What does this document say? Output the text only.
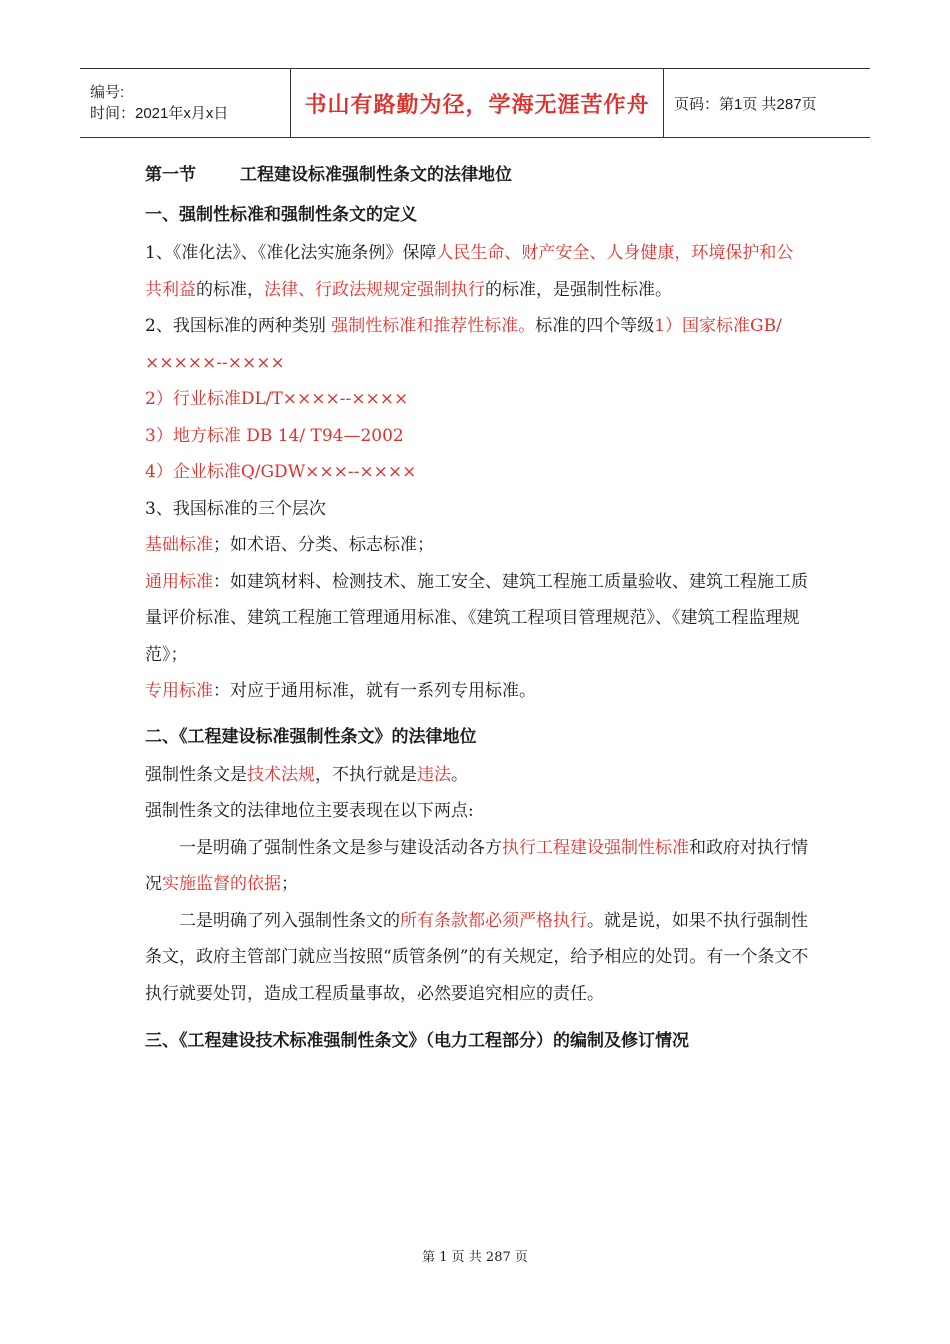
编号:
时间：2021年x月x日	书山有路勤为径，学海无涯苦作舟 页码：第1页 共287页
第一节	工程建设标准强制性条文的法律地位

一、强制性标准和强制性条文的定义

1、《准化法》、《准化法实施条例》保障人民生命、财产安全、人身健康，环境保护和公共利益的标准，法律、行政法规规定强制执行的标准，是强制性标准。

2、我国标准的两种类别 强制性标准和推荐性标准。标准的四个等级1）国家标准GB/×××××--××××

2）行业标准DL/T××××--××××

3）地方标准 DB 14/ T94—2002

4）企业标准Q/GDW×××--××××

3、我国标准的三个层次

基础标准；如术语、分类、标志标准；

通用标准：如建筑材料、检测技术、施工安全、建筑工程施工质量验收、建筑工程施工质量评价标准、建筑工程施工管理通用标准、《建筑工程项目管理规范》、《建筑工程监理规范》；

专用标准：对应于通用标准，就有一系列专用标准。

二、《工程建设标准强制性条文》的法律地位

强制性条文是技术法规，不执行就是违法。

强制性条文的法律地位主要表现在以下两点:

一是明确了强制性条文是参与建设活动各方执行工程建设强制性标准和政府对执行情况实施监督的依据；

二是明确了列入强制性条文的所有条款都必须严格执行。就是说，如果不执行强制性条文，政府主管部门就应当按照“质管条例”的有关规定，给予相应的处罚。有一个条文不执行就要处罚，造成工程质量事故，必然要追究相应的责任。

三、《工程建设技术标准强制性条文》（电力工程部分）的编制及修订情况

第 1 页 共 287 页
